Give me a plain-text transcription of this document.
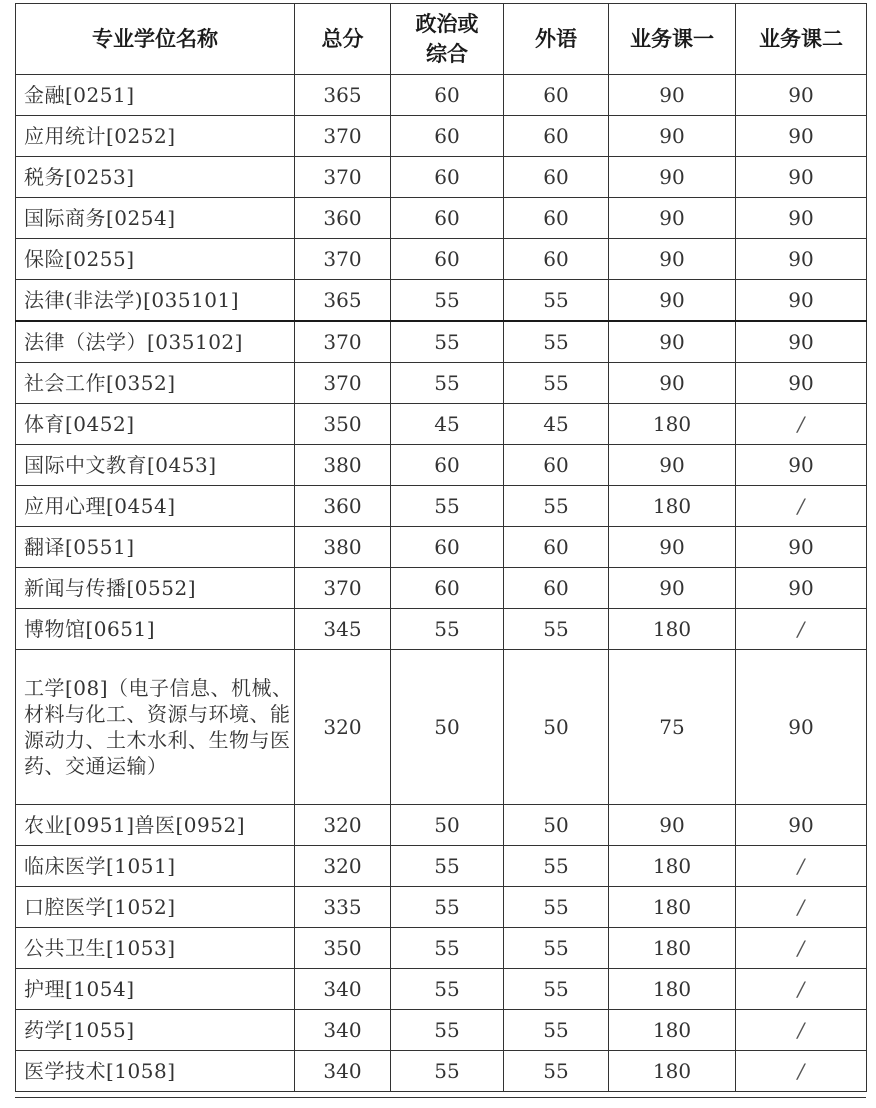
专业学位名称	总分	政治或综合	外语	业务课一	业务课二
金融[0251]	365	60	60	90	90
应用统计[0252]	370	60	60	90	90
税务[0253]	370	60	60	90	90
国际商务[0254]	360	60	60	90	90
保险[0255]	370	60	60	90	90
法律(非法学)[035101]	365	55	55	90	90
法律（法学）[035102]	370	55	55	90	90
社会工作[0352]	370	55	55	90	90
体育[0452]	350	45	45	180	/
国际中文教育[0453]	380	60	60	90	90
应用心理[0454]	360	55	55	180	/
翻译[0551]	380	60	60	90	90
新闻与传播[0552]	370	60	60	90	90
博物馆[0651]	345	55	55	180	/
工学[08]（电子信息、机械、材料与化工、资源与环境、能源动力、土木水利、生物与医药、交通运输）	320	50	50	75	90
农业[0951]兽医[0952]	320	50	50	90	90
临床医学[1051]	320	55	55	180	/
口腔医学[1052]	335	55	55	180	/
公共卫生[1053]	350	55	55	180	/
护理[1054]	340	55	55	180	/
药学[1055]	340	55	55	180	/
医学技术[1058]	340	55	55	180	/
